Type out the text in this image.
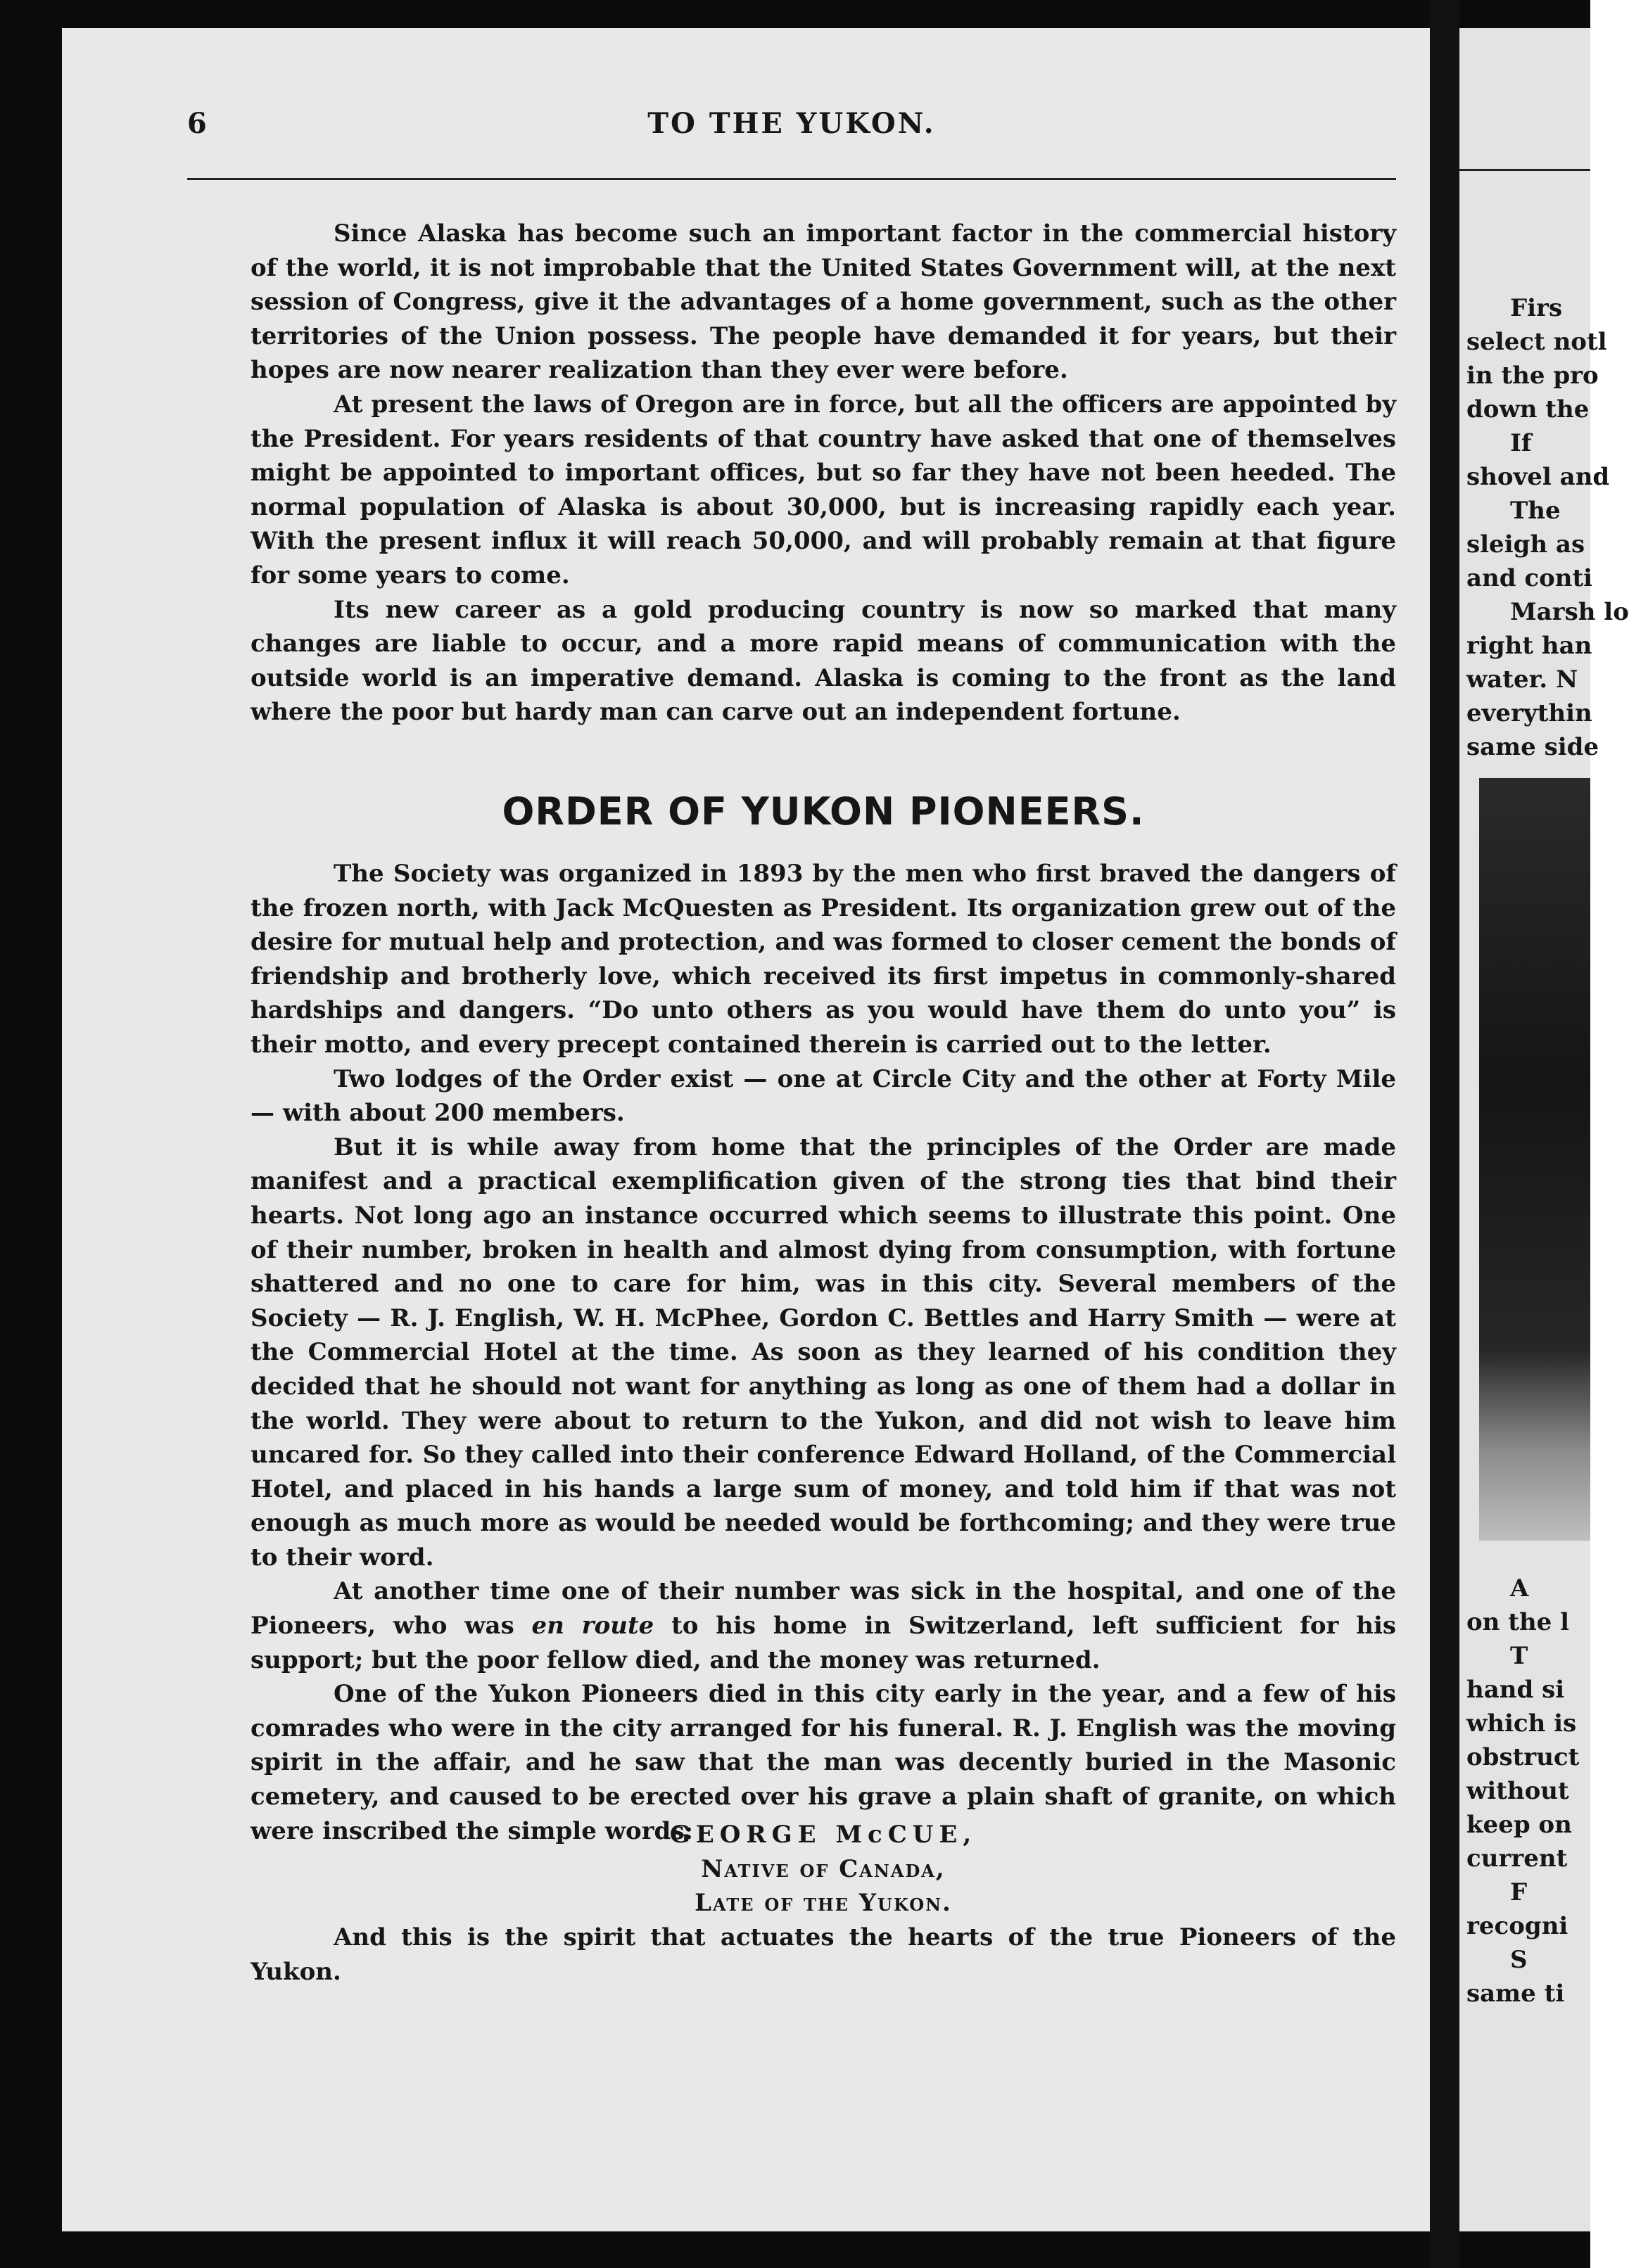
6	TO THE YUKON.

Since Alaska has become such an important factor in the commercial history of the world, it is not improbable that the United States Government will, at the next session of Congress, give it the advantages of a home government, such as the other territories of the Union possess. The people have demanded it for years, but their hopes are now nearer realization than they ever were before.

At present the laws of Oregon are in force, but all the officers are appointed by the President. For years residents of that country have asked that one of themselves might be appointed to important offices, but so far they have not been heeded. The normal population of Alaska is about 30,000, but is increasing rapidly each year. With the present influx it will reach 50,000, and will probably remain at that figure for some years to come.

Its new career as a gold producing country is now so marked that many changes are liable to occur, and a more rapid means of communication with the outside world is an imperative demand. Alaska is coming to the front as the land where the poor but hardy man can carve out an independent fortune.

ORDER OF YUKON PIONEERS.

The Society was organized in 1893 by the men who first braved the dangers of the frozen north, with Jack McQuesten as President. Its organization grew out of the desire for mutual help and protection, and was formed to closer cement the bonds of friendship and brotherly love, which received its first impetus in commonly-shared hardships and dangers. “Do unto others as you would have them do unto you” is their motto, and every precept contained therein is carried out to the letter.

Two lodges of the Order exist — one at Circle City and the other at Forty Mile — with about 200 members.

But it is while away from home that the principles of the Order are made manifest and a practical exemplification given of the strong ties that bind their hearts. Not long ago an instance occurred which seems to illustrate this point. One of their number, broken in health and almost dying from consumption, with fortune shattered and no one to care for him, was in this city. Several members of the Society — R. J. English, W. H. McPhee, Gordon C. Bettles and Harry Smith — were at the Commercial Hotel at the time. As soon as they learned of his condition they decided that he should not want for anything as long as one of them had a dollar in the world. They were about to return to the Yukon, and did not wish to leave him uncared for. So they called into their conference Edward Holland, of the Commercial Hotel, and placed in his hands a large sum of money, and told him if that was not enough as much more as would be needed would be forthcoming; and they were true to their word.

At another time one of their number was sick in the hospital, and one of the Pioneers, who was en route to his home in Switzerland, left sufficient for his support; but the poor fellow died, and the money was returned.

One of the Yukon Pioneers died in this city early in the year, and a few of his comrades who were in the city arranged for his funeral. R. J. English was the moving spirit in the affair, and he saw that the man was decently buried in the Masonic cemetery, and caused to be erected over his grave a plain shaft of granite, on which were inscribed the simple words:

GEORGE McCUE,
Native of Canada,
Late of the Yukon.

And this is the spirit that actuates the hearts of the true Pioneers of the Yukon.

Firs
select notl
in the pro
down the
If
shovel and
The
sleigh as
and conti
Marsh lo
right han
water. N
everythin
same side
A
on the l
T
hand si
which is
obstruct
without
keep on
current
F
recogni
S
same ti
